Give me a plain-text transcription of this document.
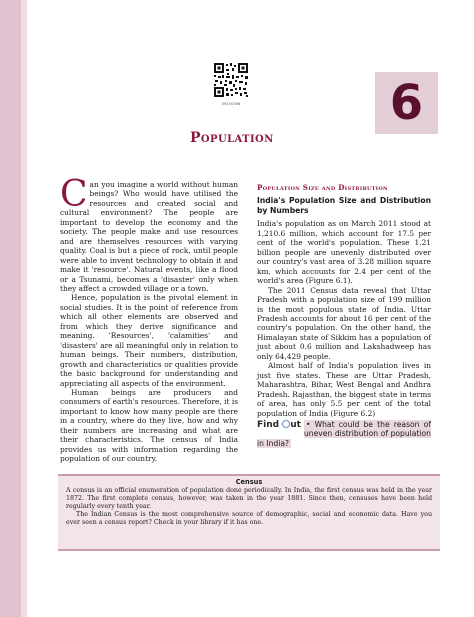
0925CH06	6
Population
C an you imagine a world without human beings? Who would have utilised the resources and created social and cultural environment? The people are important to develop the economy and the society. The people make and use resources and are themselves resources with varying quality. Coal is but a piece of rock, until people were able to invent technology to obtain it and make it 'resource'. Natural events, like a flood or a Tsunami, becomes a 'disaster' only when they affect a crowded village or a town.

Hence, population is the pivotal element in social studies. It is the point of reference from which all other elements are observed and from which they derive significance and meaning. 'Resources', 'calamities' and 'disasters' are all meaningful only in relation to human beings. Their numbers, distribution, growth and characteristics or qualities provide the basic background for understanding and appreciating all aspects of the environment.

Human beings are producers and consumers of earth's resources. Therefore, it is important to know how many people are there in a country, where do they live, how and why their numbers are increasing and what are their characteristics. The census of India provides us with information regarding the population of our country.

Population Size and Distribution
India's Population Size and Distribution by Numbers

India's population as on March 2011 stood at 1,210.6 million, which account for 17.5 per cent of the world's population. These 1.21 billion people are unevenly distributed over our country's vast area of 3.28 million square km, which accounts for 2.4 per cent of the world's area (Figure 6.1).

The 2011 Census data reveal that Uttar Pradesh with a population size of 199 million is the most populous state of India. Uttar Pradesh accounts for about 16 per cent of the country's population. On the other hand, the Himalayan state of Sikkim has a population of just about 0.6 million and Lakshadweep has only 64,429 people.

Almost half of India's population lives in just five states. These are Uttar Pradesh, Maharashtra, Bihar, West Bengal and Andhra Pradesh. Rajasthan, the biggest state in terms of area, has only 5.5 per cent of the total population of India (Figure 6.2)

Find ut • What could be the reason of uneven distribution of population in India?
Census

A census is an official enumeration of population done periodically. In India, the first census was held in the year 1872. The first complete census, however, was taken in the year 1881. Since then, censuses have been held regularly every tenth year.

The Indian Census is the most comprehensive source of demographic, social and economic data. Have you ever seen a census report? Check in your library if it has one.
